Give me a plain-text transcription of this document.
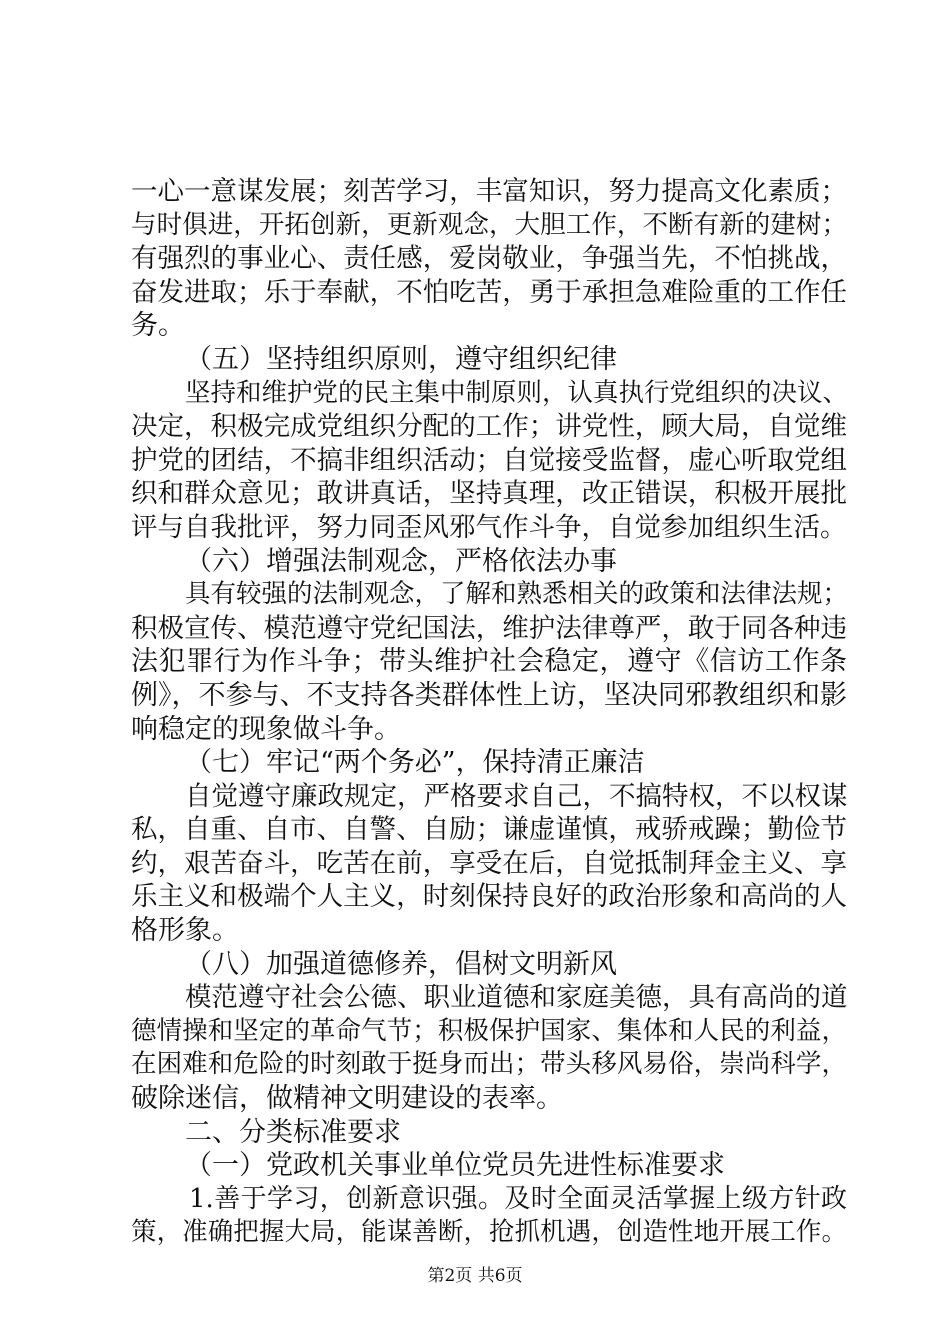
一心一意谋发展；刻苦学习，丰富知识，努力提高文化素质；
与时俱进，开拓创新，更新观念，大胆工作，不断有新的建树；
有强烈的事业心、责任感，爱岗敬业，争强当先，不怕挑战，
奋发进取；乐于奉献，不怕吃苦，勇于承担急难险重的工作任
务。
（五）坚持组织原则，遵守组织纪律
坚持和维护党的民主集中制原则，认真执行党组织的决议、
决定，积极完成党组织分配的工作；讲党性，顾大局，自觉维
护党的团结，不搞非组织活动；自觉接受监督，虚心听取党组
织和群众意见；敢讲真话，坚持真理，改正错误，积极开展批
评与自我批评，努力同歪风邪气作斗争，自觉参加组织生活。
（六）增强法制观念，严格依法办事
具有较强的法制观念，了解和熟悉相关的政策和法律法规；
积极宣传、模范遵守党纪国法，维护法律尊严，敢于同各种违
法犯罪行为作斗争；带头维护社会稳定，遵守《信访工作条
例》，不参与、不支持各类群体性上访，坚决同邪教组织和影
响稳定的现象做斗争。
（七）牢记“两个务必”，保持清正廉洁
自觉遵守廉政规定，严格要求自己，不搞特权，不以权谋
私，自重、自市、自警、自励；谦虚谨慎，戒骄戒躁；勤俭节
约，艰苦奋斗，吃苦在前，享受在后，自觉抵制拜金主义、享
乐主义和极端个人主义，时刻保持良好的政治形象和高尚的人
格形象。
（八）加强道德修养，倡树文明新风
模范遵守社会公德、职业道德和家庭美德，具有高尚的道
德情操和坚定的革命气节；积极保护国家、集体和人民的利益，
在困难和危险的时刻敢于挺身而出；带头移风易俗，崇尚科学，
破除迷信，做精神文明建设的表率。
二、分类标准要求
（一）党政机关事业单位党员先进性标准要求
1.善于学习，创新意识强。及时全面灵活掌握上级方针政
策，准确把握大局，能谋善断，抢抓机遇，创造性地开展工作。
第2页 共6页
